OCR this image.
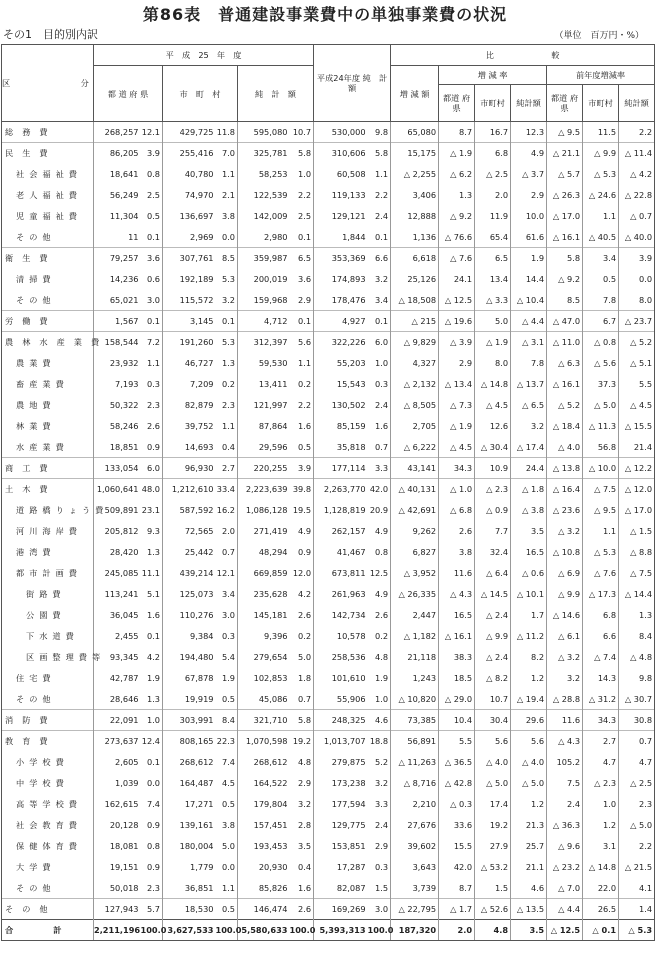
第86表　普通建設事業費中の単独事業費の状況
その1　目的別内訳	（単位　百万円・%）
区　　分	平　成　25　年　度						平成24年度 純　計　額		比　　　　　　　較						
	都 道 府 県		市　町　村		純　計　額				増 減 額	増 減 率			前年度増減率		
										都道 府県	市町村	純計額	都道 府県	市町村	純計額
総務費	268,257	12.1	429,725	11.8	595,080	10.7	530,000	9.8	65,080	8.7	16.7	12.3	△ 9.5	11.5	2.2
民生費	86,205	3.9	255,416	7.0	325,781	5.8	310,606	5.8	15,175	△ 1.9	6.8	4.9	△ 21.1	△ 9.9	△ 11.4
社会福祉費	18,641	0.8	40,780	1.1	58,253	1.0	60,508	1.1	△ 2,255	△ 6.2	△ 2.5	△ 3.7	△ 5.7	△ 5.3	△ 4.2
老人福祉費	56,249	2.5	74,970	2.1	122,539	2.2	119,133	2.2	3,406	1.3	2.0	2.9	△ 26.3	△ 24.6	△ 22.8
児童福祉費	11,304	0.5	136,697	3.8	142,009	2.5	129,121	2.4	12,888	△ 9.2	11.9	10.0	△ 17.0	1.1	△ 0.7
その他	11	0.1	2,969	0.0	2,980	0.1	1,844	0.1	1,136	△ 76.6	65.4	61.6	△ 16.1	△ 40.5	△ 40.0
衛生費	79,257	3.6	307,761	8.5	359,987	6.5	353,369	6.6	6,618	△ 7.6	6.5	1.9	5.8	3.4	3.9
清掃費	14,236	0.6	192,189	5.3	200,019	3.6	174,893	3.2	25,126	24.1	13.4	14.4	△ 9.2	0.5	0.0
その他	65,021	3.0	115,572	3.2	159,968	2.9	178,476	3.4	△ 18,508	△ 12.5	△ 3.3	△ 10.4	8.5	7.8	8.0
労働費	1,567	0.1	3,145	0.1	4,712	0.1	4,927	0.1	△ 215	△ 19.6	5.0	△ 4.4	△ 47.0	6.7	△ 23.7
農林水産業費	158,544	7.2	191,260	5.3	312,397	5.6	322,226	6.0	△ 9,829	△ 3.9	△ 1.9	△ 3.1	△ 11.0	△ 0.8	△ 5.2
農業費	23,932	1.1	46,727	1.3	59,530	1.1	55,203	1.0	4,327	2.9	8.0	7.8	△ 6.3	△ 5.6	△ 5.1
畜産業費	7,193	0.3	7,209	0.2	13,411	0.2	15,543	0.3	△ 2,132	△ 13.4	△ 14.8	△ 13.7	△ 16.1	37.3	5.5
農地費	50,322	2.3	82,879	2.3	121,997	2.2	130,502	2.4	△ 8,505	△ 7.3	△ 4.5	△ 6.5	△ 5.2	△ 5.0	△ 4.5
林業費	58,246	2.6	39,752	1.1	87,864	1.6	85,159	1.6	2,705	△ 1.9	12.6	3.2	△ 18.4	△ 11.3	△ 15.5
水産業費	18,851	0.9	14,693	0.4	29,596	0.5	35,818	0.7	△ 6,222	△ 4.5	△ 30.4	△ 17.4	△ 4.0	56.8	21.4
商工費	133,054	6.0	96,930	2.7	220,255	3.9	177,114	3.3	43,141	34.3	10.9	24.4	△ 13.8	△ 10.0	△ 12.2
土木費	1,060,641	48.0	1,212,610	33.4	2,223,639	39.8	2,263,770	42.0	△ 40,131	△ 1.0	△ 2.3	△ 1.8	△ 16.4	△ 7.5	△ 12.0
道路橋りょう費	509,891	23.1	587,592	16.2	1,086,128	19.5	1,128,819	20.9	△ 42,691	△ 6.8	△ 0.9	△ 3.8	△ 23.6	△ 9.5	△ 17.0
河川海岸費	205,812	9.3	72,565	2.0	271,419	4.9	262,157	4.9	9,262	2.6	7.7	3.5	△ 3.2	1.1	△ 1.5
港湾費	28,420	1.3	25,442	0.7	48,294	0.9	41,467	0.8	6,827	3.8	32.4	16.5	△ 10.8	△ 5.3	△ 8.8
都市計画費	245,085	11.1	439,214	12.1	669,859	12.0	673,811	12.5	△ 3,952	11.6	△ 6.4	△ 0.6	△ 6.9	△ 7.6	△ 7.5
街路費	113,241	5.1	125,073	3.4	235,628	4.2	261,963	4.9	△ 26,335	△ 4.3	△ 14.5	△ 10.1	△ 9.9	△ 17.3	△ 14.4
公園費	36,045	1.6	110,276	3.0	145,181	2.6	142,734	2.6	2,447	16.5	△ 2.4	1.7	△ 14.6	6.8	1.3
下水道費	2,455	0.1	9,384	0.3	9,396	0.2	10,578	0.2	△ 1,182	△ 16.1	△ 9.9	△ 11.2	△ 6.1	6.6	8.4
区画整理費等	93,345	4.2	194,480	5.4	279,654	5.0	258,536	4.8	21,118	38.3	△ 2.4	8.2	△ 3.2	△ 7.4	△ 4.8
住宅費	42,787	1.9	67,878	1.9	102,853	1.8	101,610	1.9	1,243	18.5	△ 8.2	1.2	3.2	14.3	9.8
その他	28,646	1.3	19,919	0.5	45,086	0.7	55,906	1.0	△ 10,820	△ 29.0	10.7	△ 19.4	△ 28.8	△ 31.2	△ 30.7
消防費	22,091	1.0	303,991	8.4	321,710	5.8	248,325	4.6	73,385	10.4	30.4	29.6	11.6	34.3	30.8
教育費	273,637	12.4	808,165	22.3	1,070,598	19.2	1,013,707	18.8	56,891	5.5	5.6	5.6	△ 4.3	2.7	0.7
小学校費	2,605	0.1	268,612	7.4	268,612	4.8	279,875	5.2	△ 11,263	△ 36.5	△ 4.0	△ 4.0	105.2	4.7	4.7
中学校費	1,039	0.0	164,487	4.5	164,522	2.9	173,238	3.2	△ 8,716	△ 42.8	△ 5.0	△ 5.0	7.5	△ 2.3	△ 2.5
高等学校費	162,615	7.4	17,271	0.5	179,804	3.2	177,594	3.3	2,210	△ 0.3	17.4	1.2	2.4	1.0	2.3
社会教育費	20,128	0.9	139,161	3.8	157,451	2.8	129,775	2.4	27,676	33.6	19.2	21.3	△ 36.3	1.2	△ 5.0
保健体育費	18,081	0.8	180,004	5.0	193,453	3.5	153,851	2.9	39,602	15.5	27.9	25.7	△ 9.6	3.1	2.2
大学費	19,151	0.9	1,779	0.0	20,930	0.4	17,287	0.3	3,643	42.0	△ 53.2	21.1	△ 23.2	△ 14.8	△ 21.5
その他	50,018	2.3	36,851	1.1	85,826	1.6	82,087	1.5	3,739	8.7	1.5	4.6	△ 7.0	22.0	4.1
その他	127,943	5.7	18,530	0.5	146,474	2.6	169,269	3.0	△ 22,795	△ 1.7	△ 52.6	△ 13.5	△ 4.4	26.5	1.4
合計	2,211,196	100.0	3,627,533	100.0	5,580,633	100.0	5,393,313	100.0	187,320	2.0	4.8	3.5	△ 12.5	△ 0.1	△ 5.3
